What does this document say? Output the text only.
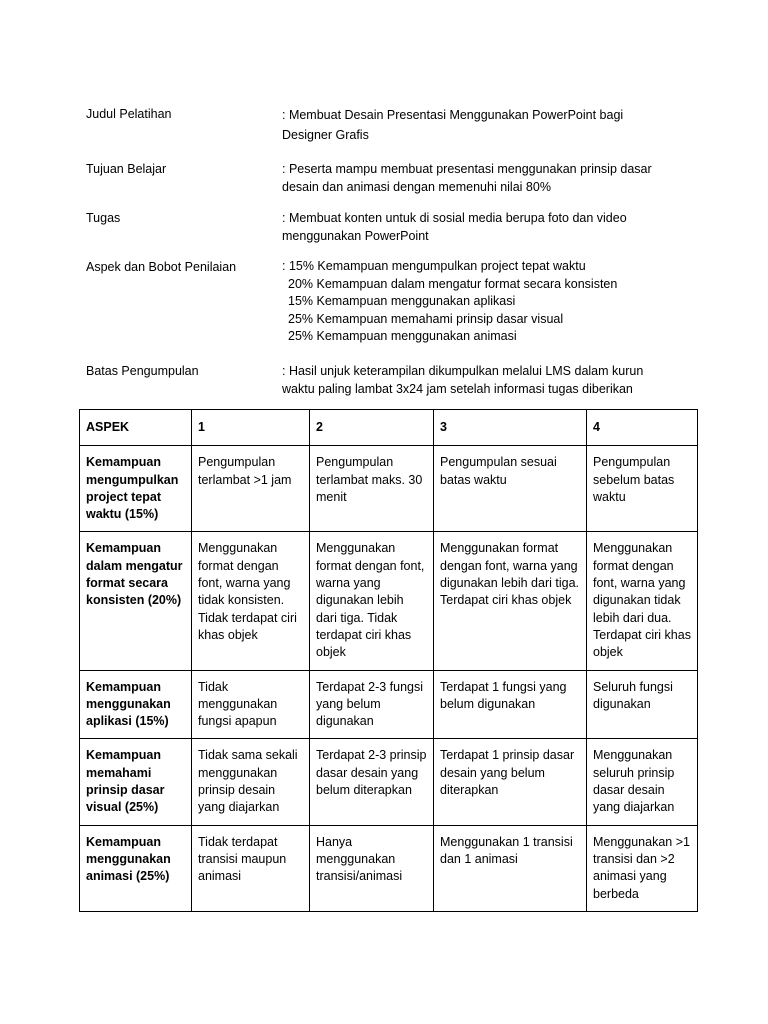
Judul Pelatihan	: Membuat Desain Presentasi Menggunakan PowerPoint bagi
Designer Grafis
Tujuan Belajar	: Peserta mampu membuat presentasi menggunakan prinsip dasar
desain dan animasi dengan memenuhi nilai 80%
Tugas	: Membuat konten untuk di sosial media berupa foto dan video
menggunakan PowerPoint
Aspek dan Bobot Penilaian	: 15% Kemampuan mengumpulkan project tepat waktu
20% Kemampuan dalam mengatur format secara konsisten
15% Kemampuan menggunakan aplikasi
25% Kemampuan memahami prinsip dasar visual
25% Kemampuan menggunakan animasi
Batas Pengumpulan	: Hasil unjuk keterampilan dikumpulkan melalui LMS dalam kurun
waktu paling lambat 3x24 jam setelah informasi tugas diberikan
ASPEK	1	2	3	4
Kemampuan mengumpulkan project tepat waktu (15%)	Pengumpulan terlambat >1 jam	Pengumpulan terlambat maks. 30 menit	Pengumpulan sesuai batas waktu	Pengumpulan sebelum batas waktu
Kemampuan dalam mengatur format secara konsisten (20%)	Menggunakan format dengan font, warna yang tidak konsisten. Tidak terdapat ciri khas objek	Menggunakan format dengan font, warna yang digunakan lebih dari tiga. Tidak terdapat ciri khas objek	Menggunakan format dengan font, warna yang digunakan lebih dari tiga. Terdapat ciri khas objek	Menggunakan format dengan font, warna yang digunakan tidak lebih dari dua. Terdapat ciri khas objek
Kemampuan menggunakan aplikasi (15%)	Tidak menggunakan fungsi apapun	Terdapat 2-3 fungsi yang belum digunakan	Terdapat 1 fungsi yang belum digunakan	Seluruh fungsi digunakan
Kemampuan memahami prinsip dasar visual (25%)	Tidak sama sekali menggunakan prinsip desain yang diajarkan	Terdapat 2-3 prinsip dasar desain yang belum diterapkan	Terdapat 1 prinsip dasar desain yang belum diterapkan	Menggunakan seluruh prinsip dasar desain yang diajarkan
Kemampuan menggunakan animasi (25%)	Tidak terdapat transisi maupun animasi	Hanya menggunakan transisi/animasi	Menggunakan 1 transisi dan 1 animasi	Menggunakan >1 transisi dan >2 animasi yang berbeda
